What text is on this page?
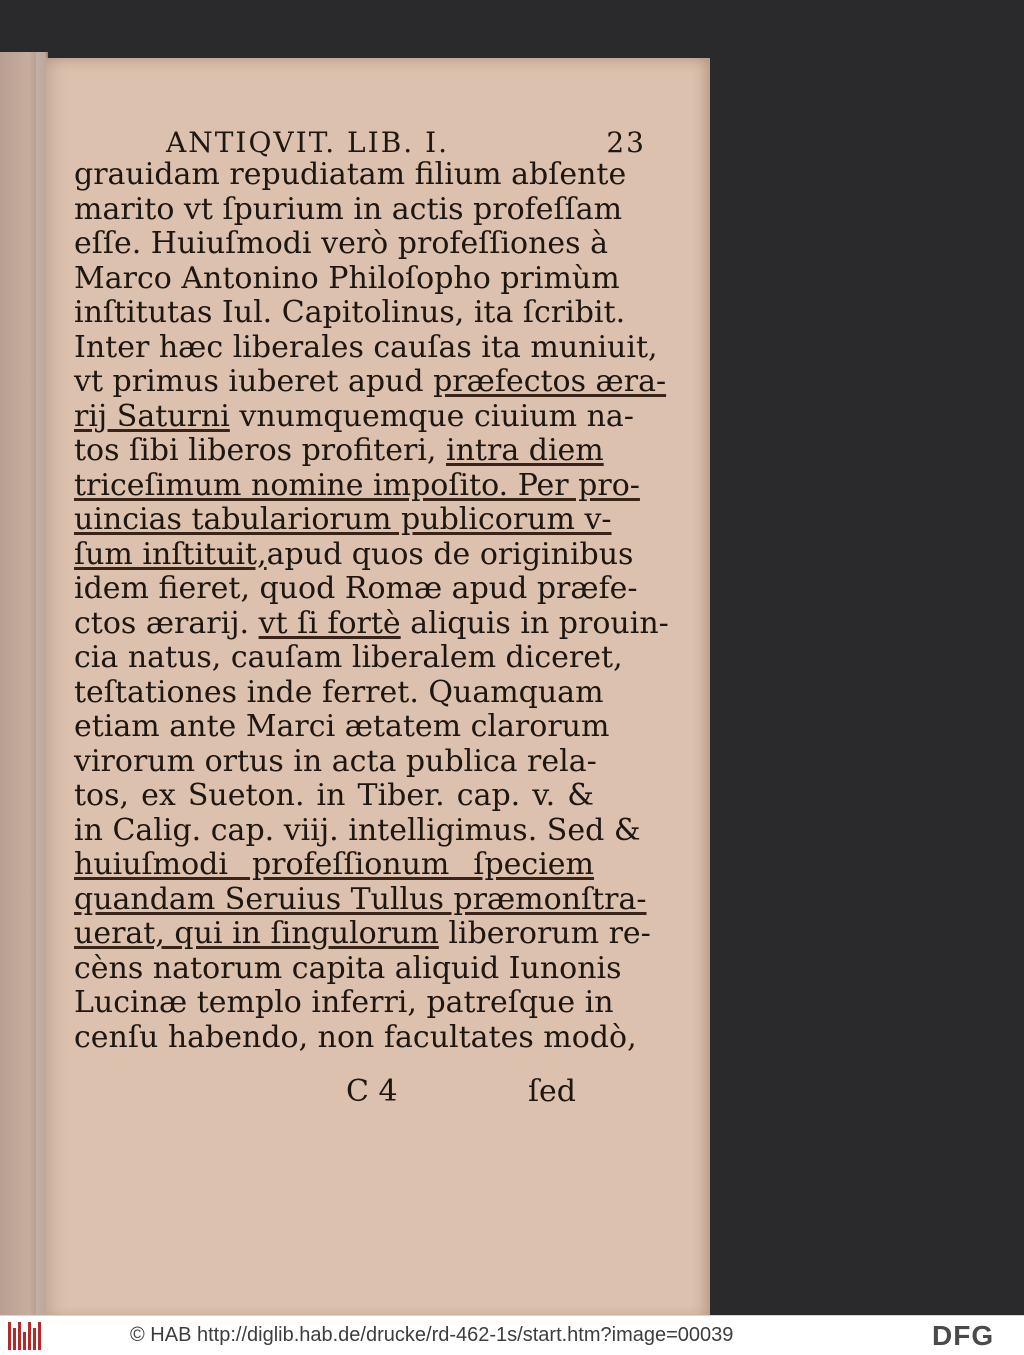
ANTIQVIT. LIB. I.	23
grauidam repudiatam filium abſente
marito vt ſpurium in actis profeſſam
eſſe. Huiuſmodi verò profeſſiones à
Marco Antonino Philoſopho primùm
inſtitutas Iul. Capitolinus, ita ſcribit.
Inter hæc liberales cauſas ita muniuit,
vt primus iuberet apud præfectos æra-
rij Saturni vnumquemque ciuium na-
tos ſibi liberos profiteri, intra diem
triceſimum nomine impoſito. Per pro-
uincias tabulariorum publicorum v-
ſum inſtituit,apud quos de originibus
idem fieret, quod Romæ apud præfe-
ctos ærarij. vt ſi fortè aliquis in prouin-
cia natus, cauſam liberalem diceret,
teſtationes inde ferret. Quamquam
etiam ante Marci ætatem clarorum
virorum ortus in acta publica rela-
tos, ex Sueton. in Tiber. cap. v. &
in Calig. cap. viij. intelligimus. Sed &
huiuſmodi profeſſionum ſpeciem
quandam Seruius Tullus præmonſtra-
uerat, qui in ſingulorum liberorum re-
cèns natorum capita aliquid Iunonis
Lucinæ templo inferri, patreſque in
cenſu habendo, non facultates modò,
C 4	ſed
© HAB http://diglib.hab.de/drucke/rd-462-1s/start.htm?image=00039	DFG
